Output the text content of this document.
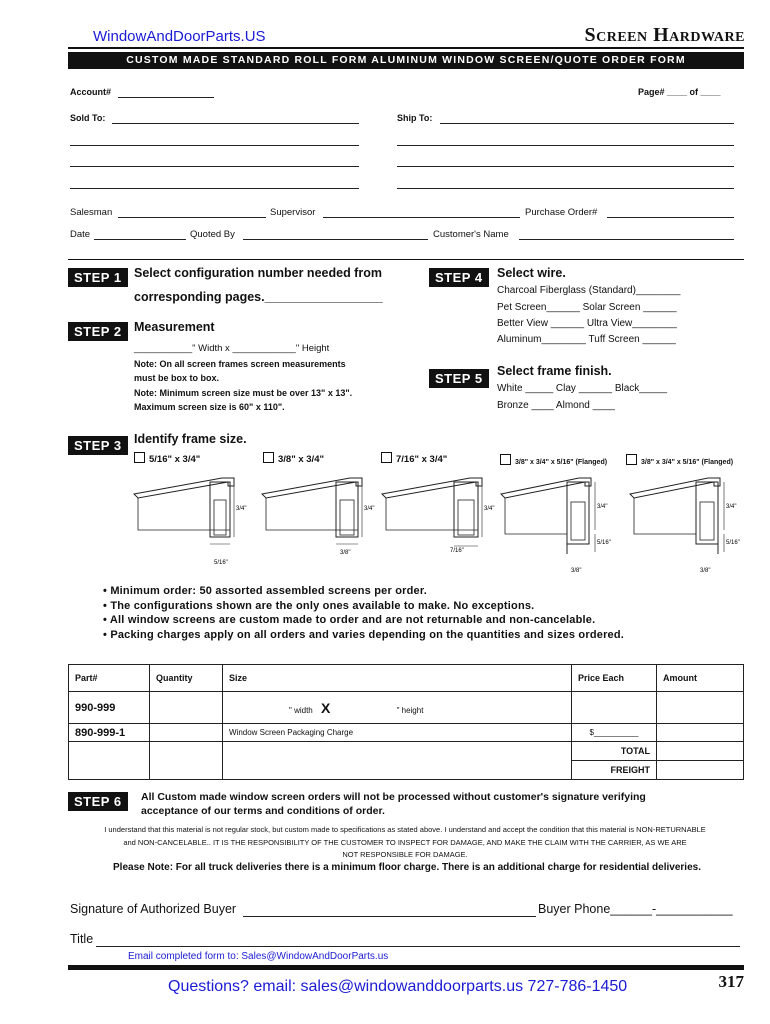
WindowAndDoorParts.US	Screen Hardware
CUSTOM MADE STANDARD ROLL FORM ALUMINUM WINDOW SCREEN/QUOTE ORDER FORM
Account#	Page# ____ of ____
Sold To:	Ship To:
Salesman	Supervisor	Purchase Order#
Date	Quoted By	Customer's Name
STEP 1 Select configuration number needed from
corresponding pages._________________
STEP 2 Measurement
___________" Width x ____________" Height
Note: On all screen frames screen measurements
must be box to box.
Note: Minimum screen size must be over 13" x 13".
Maximum screen size is 60" x 110".
STEP 4	Select wire.
Charcoal Fiberglass (Standard)________
Pet Screen______ Solar Screen ______
Better View ______ Ultra View________
Aluminum________ Tuff Screen ______
STEP 5	Select frame finish.
White _____ Clay ______ Black_____
Bronze ____ Almond ____
STEP 3 Identify frame size.
5/16" x 3/4"	3/8" x 3/4"	7/16" x 3/4"	3/8" x 3/4" x 5/16" (Flanged)	3/8" x 3/4" x 5/16" (Flanged)
3/4"
5/16"
3/4"
3/8"
3/4"
7/16"
3/4"
5/16"
3/8"
3/4"
5/16"
3/8"
• Minimum order: 50 assorted assembled screens per order.
• The configurations shown are the only ones available to make. No exceptions.
• All window screens are custom made to order and are not returnable and non-cancelable.
• Packing charges apply on all orders and varies depending on the quantities and sizes ordered.
Part#	Quantity	Size	Price Each	Amount
990-999		" width X " height		
890-999-1		Window Screen Packaging Charge	$__________	
			TOTAL	
			FREIGHT	
STEP 6	All Custom made window screen orders will not be processed without customer's signature verifying
acceptance of our terms and conditions of order.
I understand that this material is not regular stock, but custom made to specifications as stated above. I understand and accept the condition that this material is NON-RETURNABLE
and NON-CANCELABLE.. IT IS THE RESPONSIBILITY OF THE CUSTOMER TO INSPECT FOR DAMAGE, AND MAKE THE CLAIM WITH THE CARRIER, AS WE ARE
NOT RESPONSIBLE FOR DAMAGE.
Please Note: For all truck deliveries there is a minimum floor charge. There is an additional charge for residential deliveries.
Signature of Authorized Buyer	Buyer Phone______-___________
Title
Email completed form to: Sales@WindowAndDoorParts.us
Questions? email: sales@windowanddoorparts.us 727-786-1450	317
